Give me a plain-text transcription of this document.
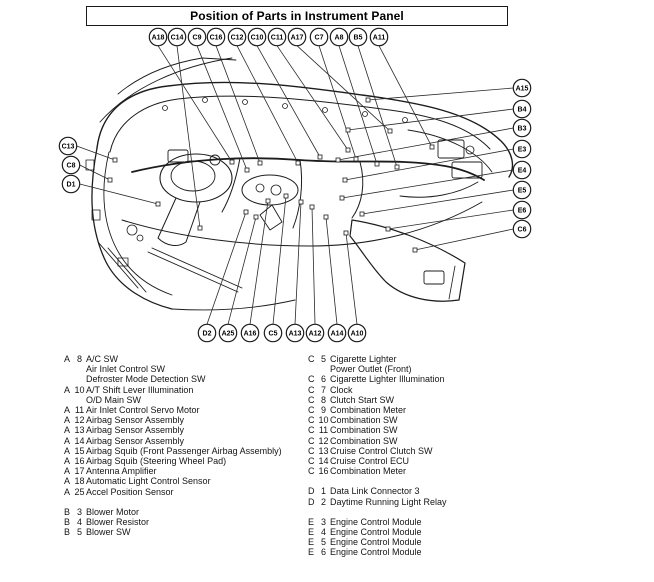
Position of Parts in Instrument Panel
A18 C14 C9 C16 C12 C10 C11 A17 C7 A8 B5 A11
A15
B4
B3
E3
E4
E5
E6
C6
C13
C8
D1
D2 A25 A16 C5 A13 A12 A14 A10
A 8 A/C SW
Air Inlet Control SW
Defroster Mode Detection SW
A 10 A/T Shift Lever Illumination
O/D Main SW
A 11 Air Inlet Control Servo Motor
A 12 Airbag Sensor Assembly
A 13 Airbag Sensor Assembly
A 14 Airbag Sensor Assembly
A 15 Airbag Squib (Front Passenger Airbag Assembly)
A 16 Airbag Squib (Steering Wheel Pad)
A 17 Antenna Amplifier
A 18 Automatic Light Control Sensor
A 25 Accel Position Sensor
B 3 Blower Motor
B 4 Blower Resistor
B 5 Blower SW
C 5 Cigarette Lighter
Power Outlet (Front)
C 6 Cigarette Lighter Illumination
C 7 Clock
C 8 Clutch Start SW
C 9 Combination Meter
C 10 Combination SW
C 11 Combination SW
C 12 Combination SW
C 13 Cruise Control Clutch SW
C 14 Cruise Control ECU
C 16 Combination Meter
D 1 Data Link Connector 3
D 2 Daytime Running Light Relay
E 3 Engine Control Module
E 4 Engine Control Module
E 5 Engine Control Module
E 6 Engine Control Module
